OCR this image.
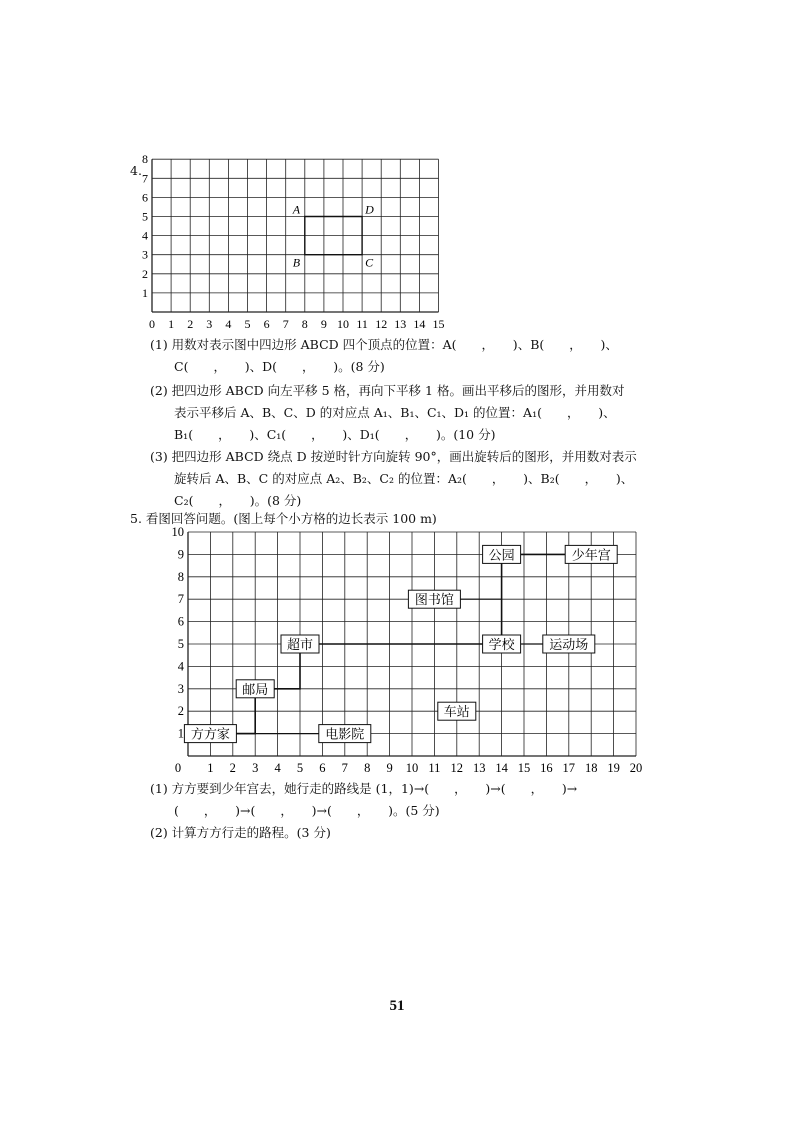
4.
0 1 2 3 4 5 6 7 8 9 10 11 12 13 14 15
1
2
3
4
5
6
7
8
A	D
B	C
(1) 用数对表示图中四边形 ABCD 四个顶点的位置：A(　　，　　)、B(　　，　　)、
C(　　，　　)、D(　　，　　)。(8 分)
(2) 把四边形 ABCD 向左平移 5 格，再向下平移 1 格。画出平移后的图形，并用数对
表示平移后 A、B、C、D 的对应点 A₁、B₁、C₁、D₁ 的位置：A₁(　　，　　)、
B₁(　　，　　)、C₁(　　，　　)、D₁(　　，　　)。(10 分)
(3) 把四边形 ABCD 绕点 D 按逆时针方向旋转 90°，画出旋转后的图形，并用数对表示
旋转后 A、B、C 的对应点 A₂、B₂、C₂ 的位置：A₂(　　，　　)、B₂(　　，　　)、
C₂(　　，　　)。(8 分)
5. 看图回答问题。(图上每个小方格的边长表示 100 m)
0 1 2 3 4 5 6 7 8 9 10 11 12 13 14 15 16 17 18 19 20
1
2
3
4
5
6
7
8
9
10
公园	少年宫
图书馆
超市	学校	运动场
邮局
车站
方方家	电影院
(1) 方方要到少年宫去，她行走的路线是 (1，1)→(　　，　　)→(　　，　　)→
(　　，　　)→(　　，　　)→(　　，　　)。(5 分)
(2) 计算方方行走的路程。(3 分)
51
